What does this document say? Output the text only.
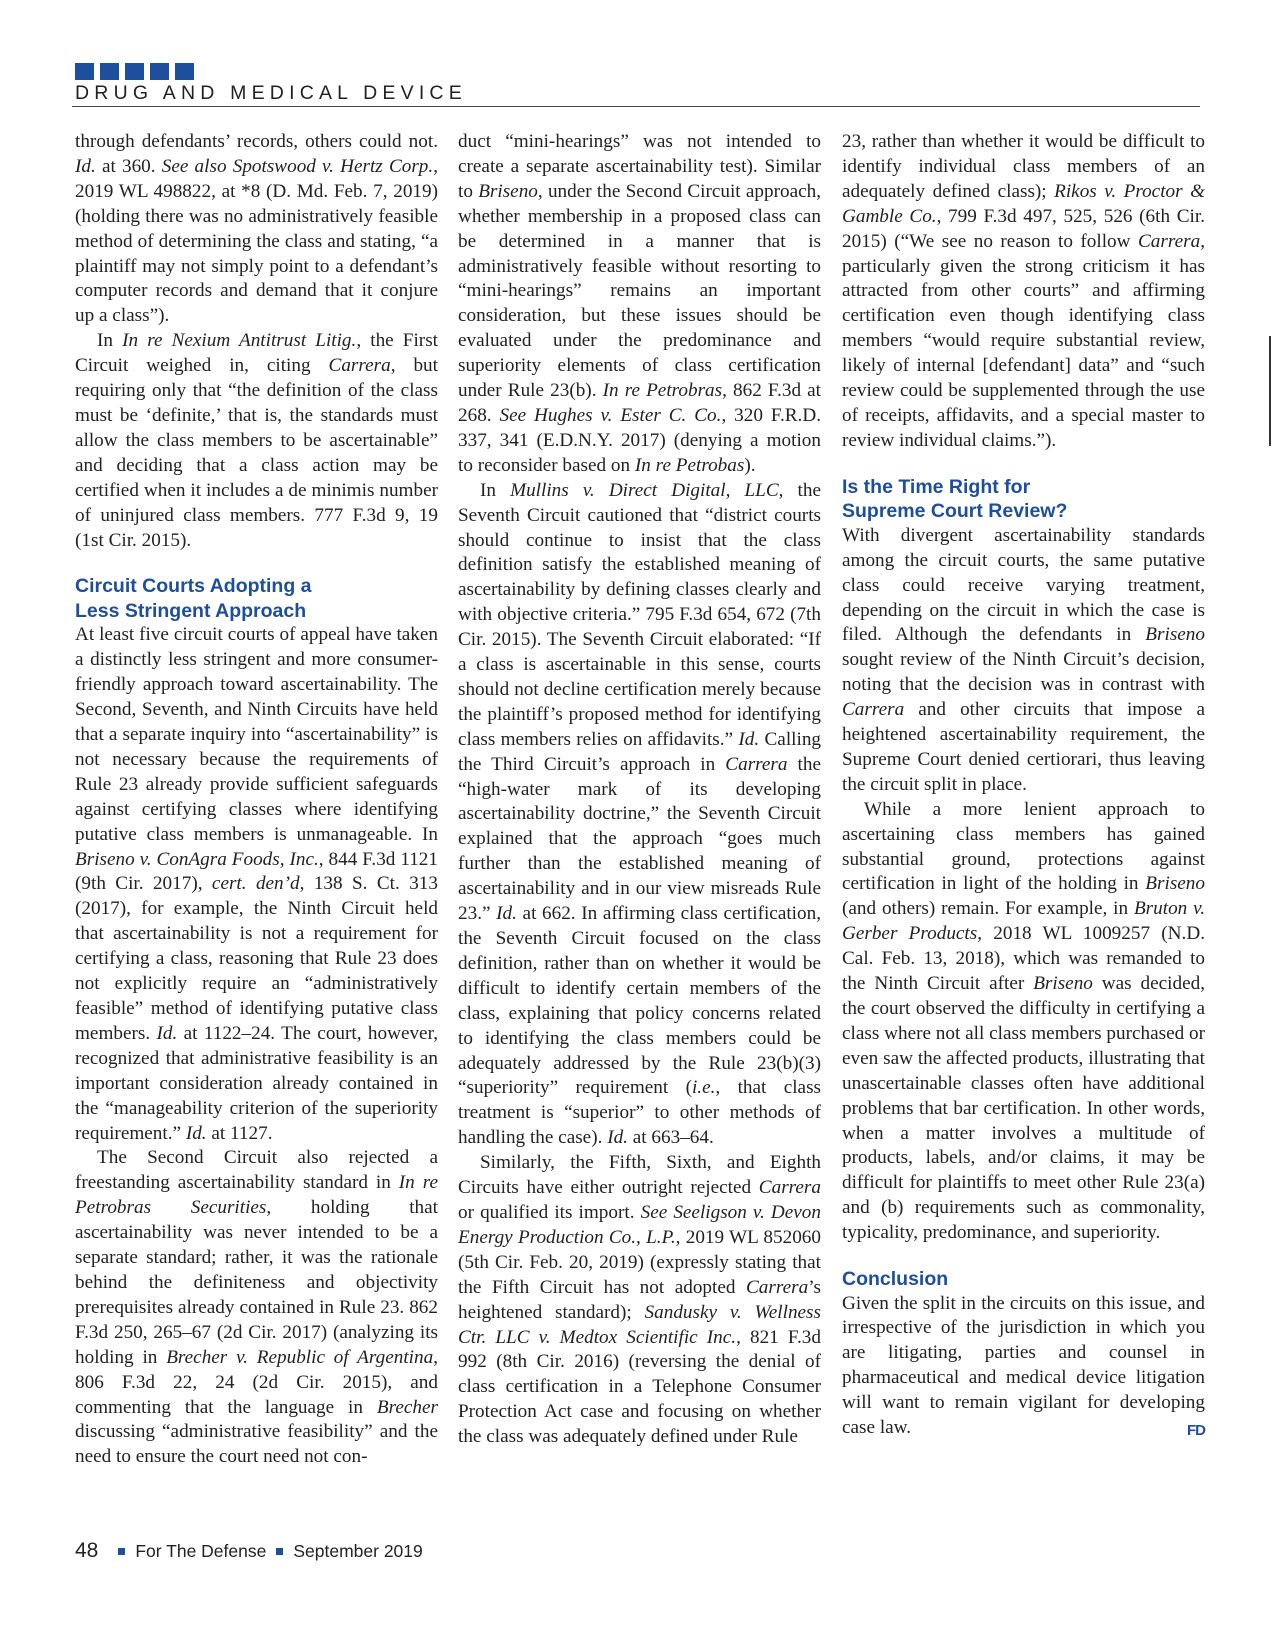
DRUG AND MEDICAL DEVICE

through defendants’ records, others could not. Id. at 360. See also Spotswood v. Hertz Corp., 2019 WL 498822, at *8 (D. Md. Feb. 7, 2019) (holding there was no administratively feasible method of determining the class and stating, “a plaintiff may not simply point to a defendant’s computer records and demand that it conjure up a class”).

In In re Nexium Antitrust Litig., the First Circuit weighed in, citing Carrera, but requiring only that “the definition of the class must be ‘definite,’ that is, the standards must allow the class members to be ascertainable” and deciding that a class action may be certified when it includes a de minimis number of uninjured class members. 777 F.3d 9, 19 (1st Cir. 2015).

Circuit Courts Adopting a
Less Stringent Approach

At least five circuit courts of appeal have taken a distinctly less stringent and more consumer-friendly approach toward ascertainability. The Second, Seventh, and Ninth Circuits have held that a separate inquiry into “ascertainability” is not necessary because the requirements of Rule 23 already provide sufficient safeguards against certifying classes where identifying putative class members is unmanageable. In Briseno v. ConAgra Foods, Inc., 844 F.3d 1121 (9th Cir. 2017), cert. den’d, 138 S. Ct. 313 (2017), for example, the Ninth Circuit held that ascertainability is not a requirement for certifying a class, reasoning that Rule 23 does not explicitly require an “administratively feasible” method of identifying putative class members. Id. at 1122–24. The court, however, recognized that administrative feasibility is an important consideration already contained in the “manageability criterion of the superiority requirement.” Id. at 1127.

The Second Circuit also rejected a freestanding ascertainability standard in In re Petrobras Securities, holding that ascertainability was never intended to be a separate standard; rather, it was the rationale behind the definiteness and objectivity prerequisites already contained in Rule 23. 862 F.3d 250, 265–67 (2d Cir. 2017) (analyzing its holding in Brecher v. Republic of Argentina, 806 F.3d 22, 24 (2d Cir. 2015), and commenting that the language in Brecher discussing “administrative feasibility” and the need to ensure the court need not con-

duct “mini-hearings” was not intended to create a separate ascertainability test). Similar to Briseno, under the Second Circuit approach, whether membership in a proposed class can be determined in a manner that is administratively feasible without resorting to “mini-hearings” remains an important consideration, but these issues should be evaluated under the predominance and superiority elements of class certification under Rule 23(b). In re Petrobras, 862 F.3d at 268. See Hughes v. Ester C. Co., 320 F.R.D. 337, 341 (E.D.N.Y. 2017) (denying a motion to reconsider based on In re Petrobas).

In Mullins v. Direct Digital, LLC, the Seventh Circuit cautioned that “district courts should continue to insist that the class definition satisfy the established meaning of ascertainability by defining classes clearly and with objective criteria.” 795 F.3d 654, 672 (7th Cir. 2015). The Seventh Circuit elaborated: “If a class is ascertainable in this sense, courts should not decline certification merely because the plaintiff’s proposed method for identifying class members relies on affidavits.” Id. Calling the Third Circuit’s approach in Carrera the “high-water mark of its developing ascertainability doctrine,” the Seventh Circuit explained that the approach “goes much further than the established meaning of ascertainability and in our view misreads Rule 23.” Id. at 662. In affirming class certification, the Seventh Circuit focused on the class definition, rather than on whether it would be difficult to identify certain members of the class, explaining that policy concerns related to identifying the class members could be adequately addressed by the Rule 23(b)(3) “superiority” requirement (i.e., that class treatment is “superior” to other methods of handling the case). Id. at 663–64.

Similarly, the Fifth, Sixth, and Eighth Circuits have either outright rejected Carrera or qualified its import. See Seeligson v. Devon Energy Production Co., L.P., 2019 WL 852060 (5th Cir. Feb. 20, 2019) (expressly stating that the Fifth Circuit has not adopted Carrera’s heightened standard); Sandusky v. Wellness Ctr. LLC v. Medtox Scientific Inc., 821 F.3d 992 (8th Cir. 2016) (reversing the denial of class certification in a Telephone Consumer Protection Act case and focusing on whether the class was adequately defined under Rule

23, rather than whether it would be difficult to identify individual class members of an adequately defined class); Rikos v. Proctor & Gamble Co., 799 F.3d 497, 525, 526 (6th Cir. 2015) (“We see no reason to follow Carrera, particularly given the strong criticism it has attracted from other courts” and affirming certification even though identifying class members “would require substantial review, likely of internal [defendant] data” and “such review could be supplemented through the use of receipts, affidavits, and a special master to review individual claims.”).

Is the Time Right for
Supreme Court Review?

With divergent ascertainability standards among the circuit courts, the same putative class could receive varying treatment, depending on the circuit in which the case is filed. Although the defendants in Briseno sought review of the Ninth Circuit’s decision, noting that the decision was in contrast with Carrera and other circuits that impose a heightened ascertainability requirement, the Supreme Court denied certiorari, thus leaving the circuit split in place.

While a more lenient approach to ascertaining class members has gained substantial ground, protections against certification in light of the holding in Briseno (and others) remain. For example, in Bruton v. Gerber Products, 2018 WL 1009257 (N.D. Cal. Feb. 13, 2018), which was remanded to the Ninth Circuit after Briseno was decided, the court observed the difficulty in certifying a class where not all class members purchased or even saw the affected products, illustrating that unascertainable classes often have additional problems that bar certification. In other words, when a matter involves a multitude of products, labels, and/or claims, it may be difficult for plaintiffs to meet other Rule 23(a) and (b) requirements such as commonality, typicality, predominance, and superiority.

Conclusion

Given the split in the circuits on this issue, and irrespective of the jurisdiction in which you are litigating, parties and counsel in pharmaceutical and medical device litigation will want to remain vigilant for developing case law.	FD

48 For The Defense September 2019
